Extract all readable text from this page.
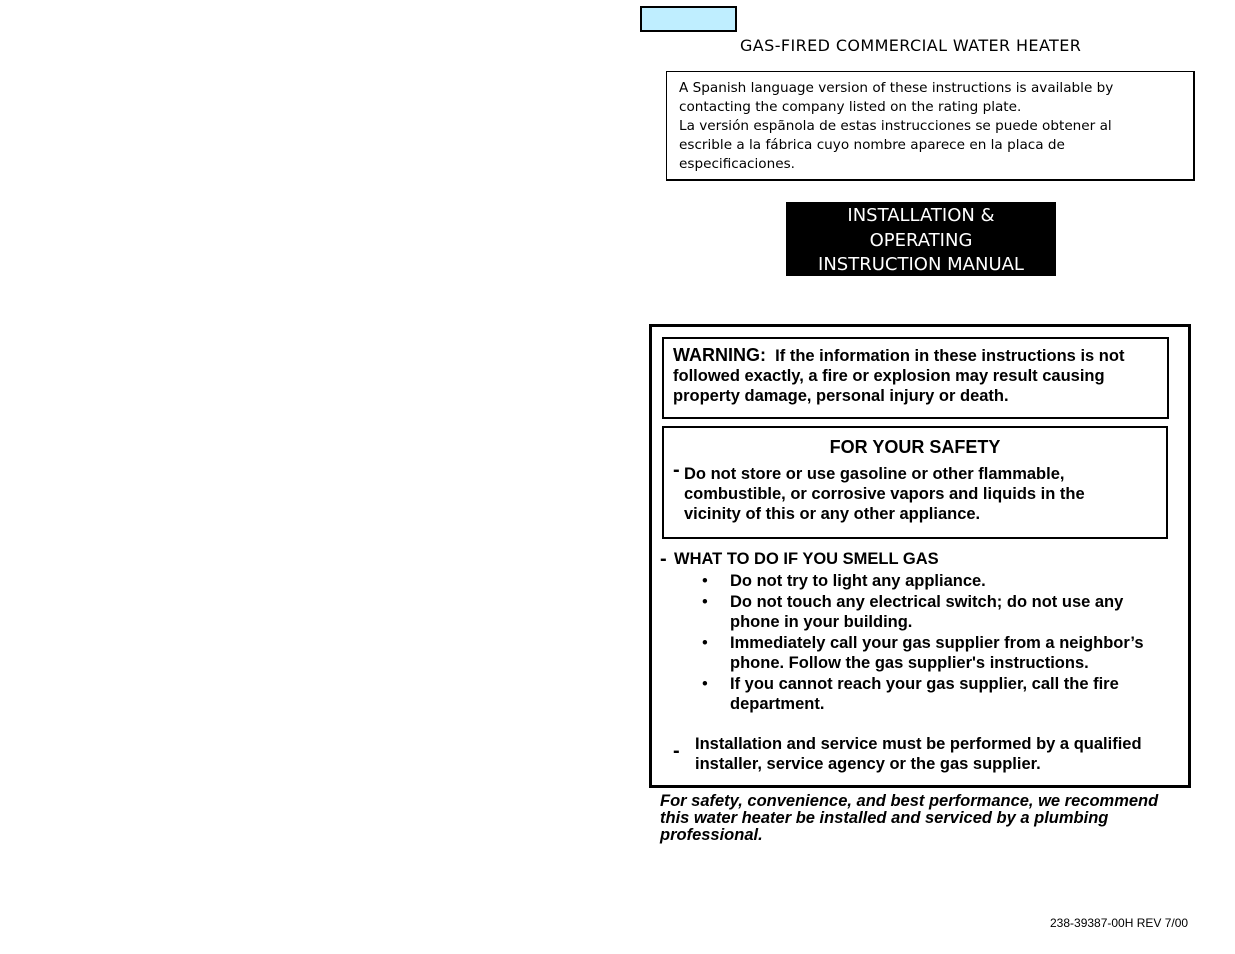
GAS-FIRED COMMERCIAL WATER HEATER
A Spanish language version of these instructions is available by
contacting the company listed on the rating plate.
La versión espãnola de estas instrucciones se puede obtener al
escrible a la fábrica cuyo nombre aparece en la placa de
especificaciones.
INSTALLATION &
OPERATING
INSTRUCTION MANUAL
WARNING: If the information in these instructions is not
followed exactly, a fire or explosion may result causing
property damage, personal injury or death.
FOR YOUR SAFETY
- Do not store or use gasoline or other flammable,
combustible, or corrosive vapors and liquids in the
vicinity of this or any other appliance.
- WHAT TO DO IF YOU SMELL GAS
• Do not try to light any appliance.
• Do not touch any electrical switch; do not use any
phone in your building.
• Immediately call your gas supplier from a neighbor’s
phone. Follow the gas supplier's instructions.
• If you cannot reach your gas supplier, call the fire
department.
- Installation and service must be performed by a qualified
installer, service agency or the gas supplier.
For safety, convenience, and best performance, we recommend
this water heater be installed and serviced by a plumbing
professional.
238-39387-00H REV 7/00
